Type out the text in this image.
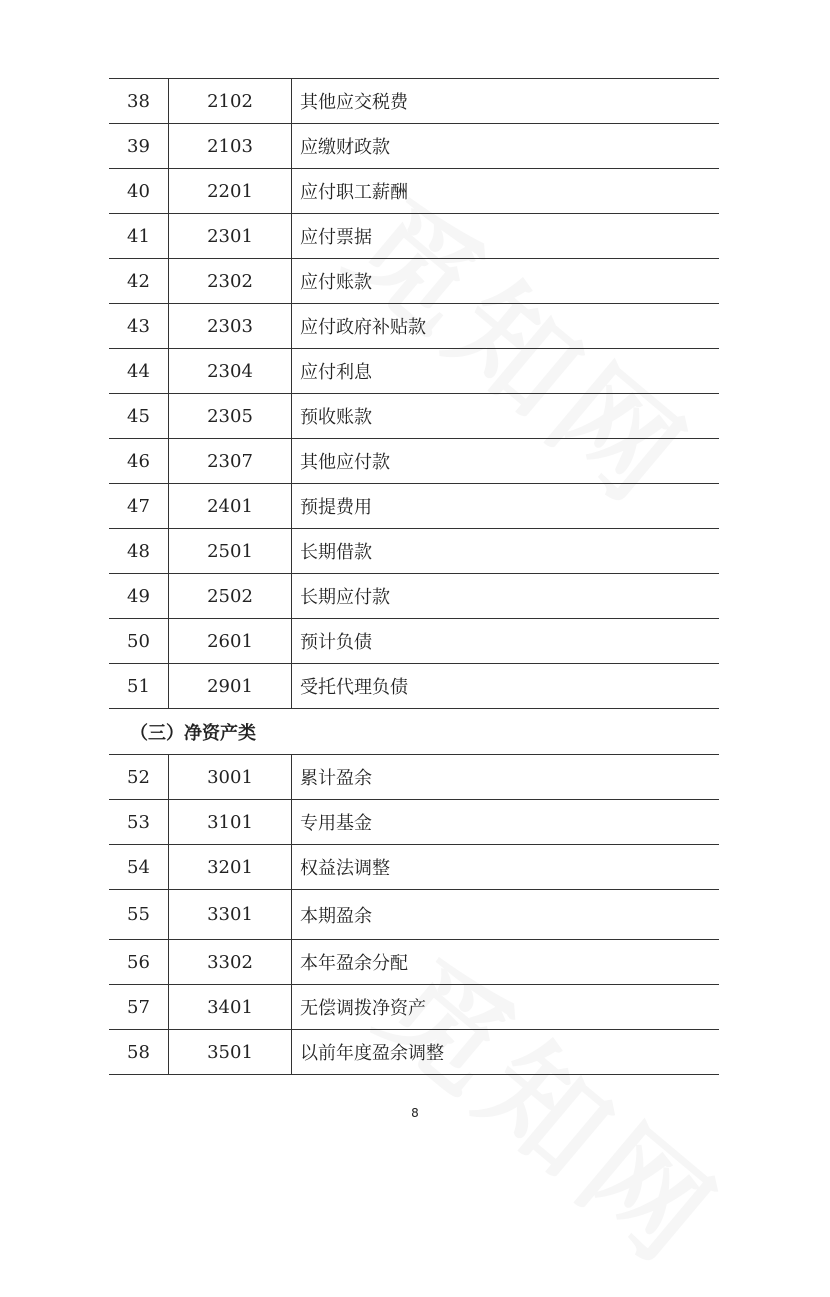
38	2102	其他应交税费
39	2103	应缴财政款
40	2201	应付职工薪酬
41	2301	应付票据
42	2302	应付账款
43	2303	应付政府补贴款
44	2304	应付利息
45	2305	预收账款
46	2307	其他应付款
47	2401	预提费用
48	2501	长期借款
49	2502	长期应付款
50	2601	预计负债
51	2901	受托代理负债
（三）净资产类
52	3001	累计盈余
53	3101	专用基金
54	3201	权益法调整
55	3301	本期盈余
56	3302	本年盈余分配
57	3401	无偿调拨净资产
58	3501	以前年度盈余调整
8
